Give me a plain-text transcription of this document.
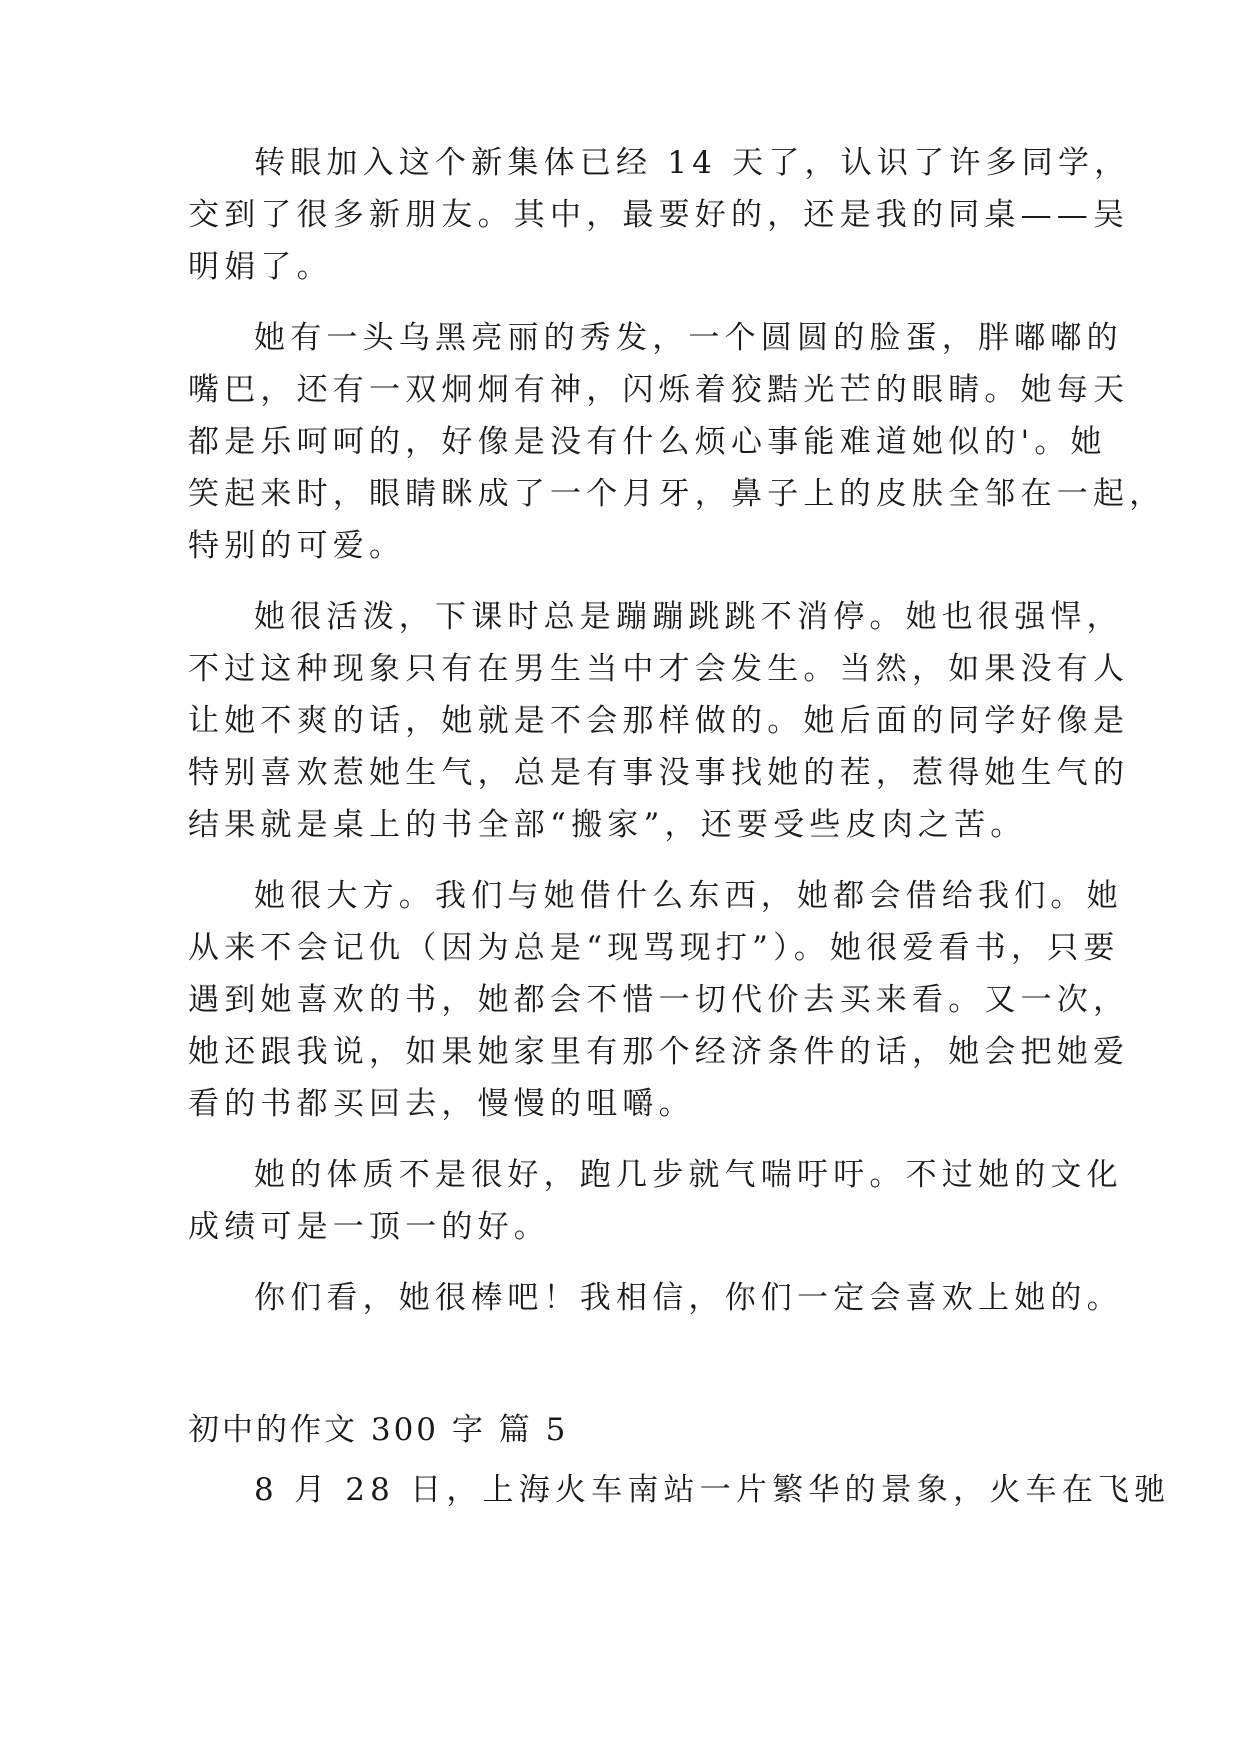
转眼加入这个新集体已经 14 天了，认识了许多同学，
交到了很多新朋友。其中，最要好的，还是我的同桌——吴
明娟了。
她有一头乌黑亮丽的秀发，一个圆圆的脸蛋，胖嘟嘟的
嘴巴，还有一双炯炯有神，闪烁着狡黠光芒的眼睛。她每天
都是乐呵呵的，好像是没有什么烦心事能难道她似的'。她
笑起来时，眼睛眯成了一个月牙，鼻子上的皮肤全邹在一起，
特别的可爱。
她很活泼，下课时总是蹦蹦跳跳不消停。她也很强悍，
不过这种现象只有在男生当中才会发生。当然，如果没有人
让她不爽的话，她就是不会那样做的。她后面的同学好像是
特别喜欢惹她生气，总是有事没事找她的茬，惹得她生气的
结果就是桌上的书全部“搬家”，还要受些皮肉之苦。
她很大方。我们与她借什么东西，她都会借给我们。她
从来不会记仇（因为总是“现骂现打”）。她很爱看书，只要
遇到她喜欢的书，她都会不惜一切代价去买来看。又一次，
她还跟我说，如果她家里有那个经济条件的话，她会把她爱
看的书都买回去，慢慢的咀嚼。
她的体质不是很好，跑几步就气喘吁吁。不过她的文化
成绩可是一顶一的好。
你们看，她很棒吧！我相信，你们一定会喜欢上她的。
初中的作文 300 字 篇 5
8 月 28 日，上海火车南站一片繁华的景象，火车在飞驰
